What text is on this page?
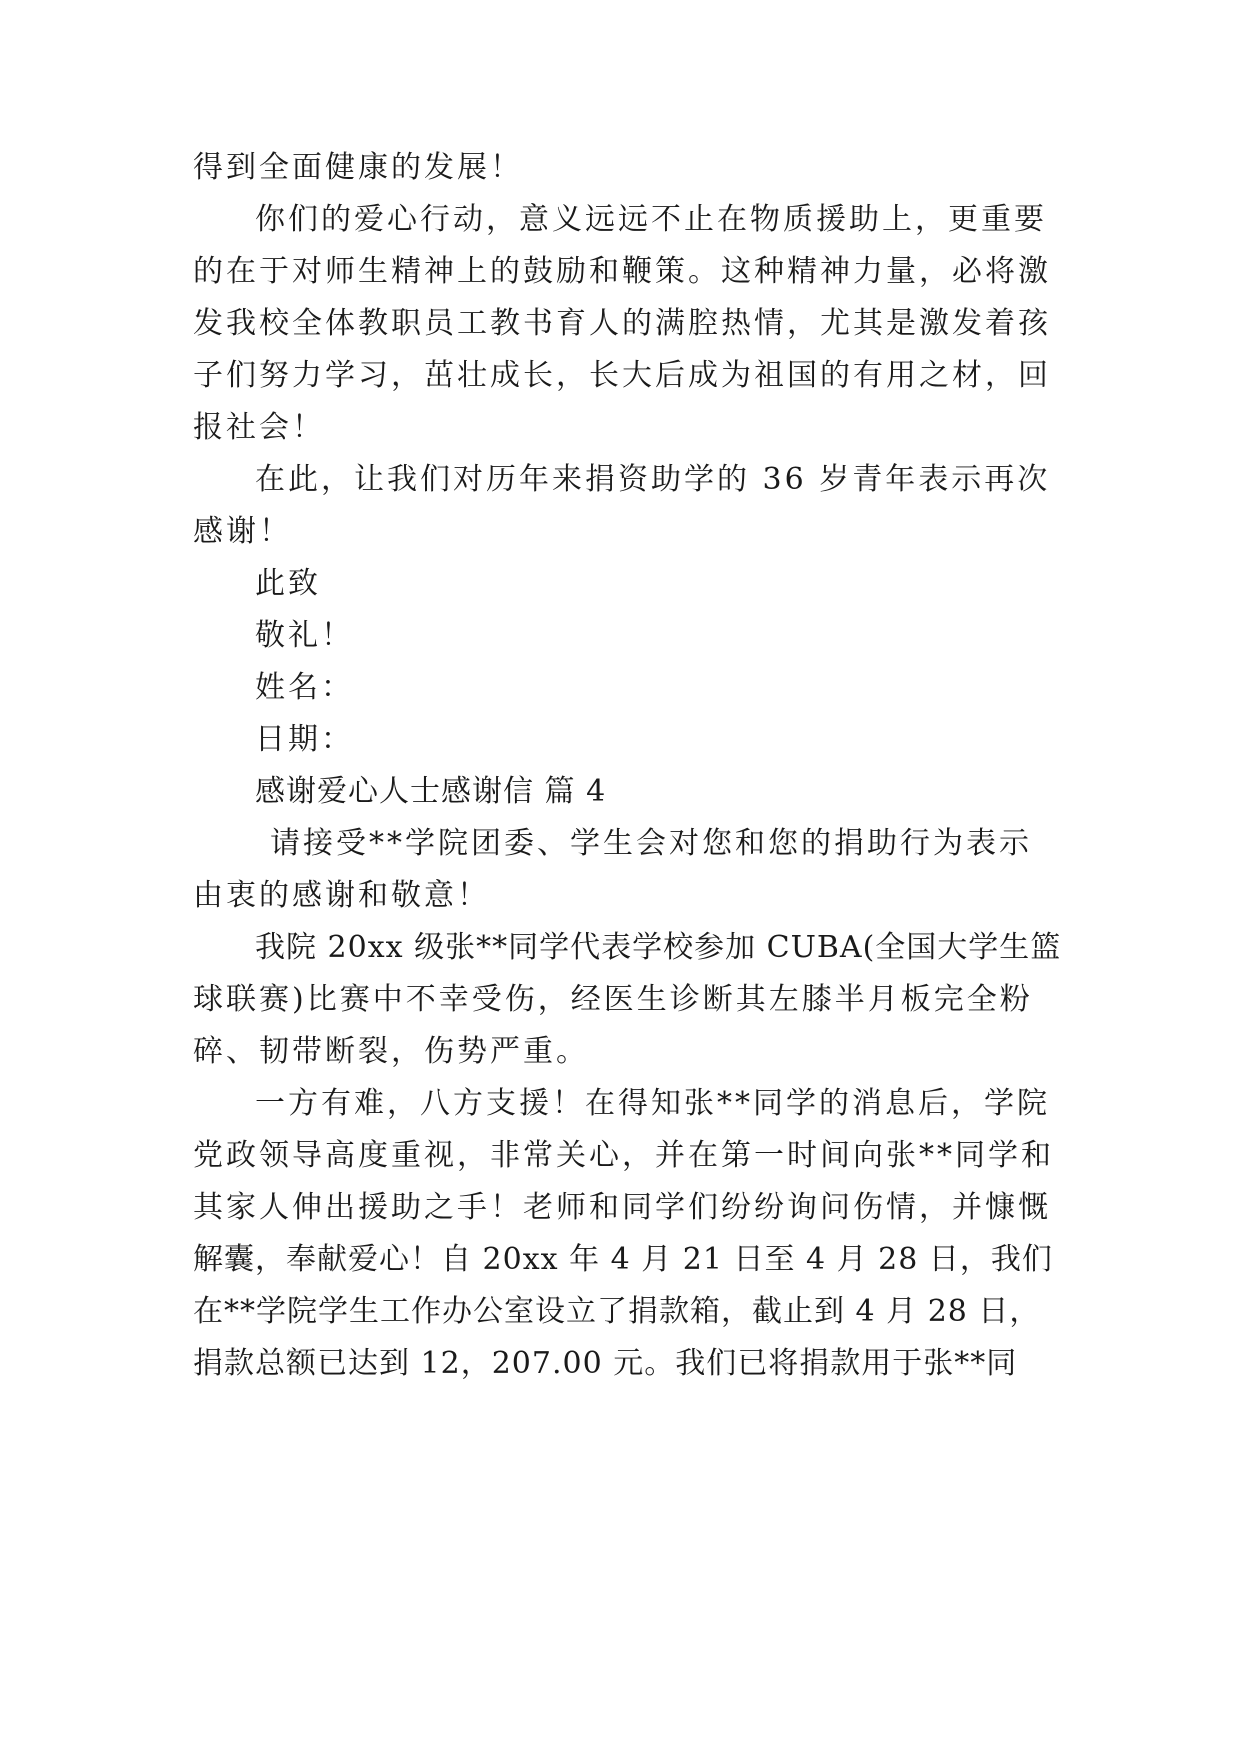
得到全面健康的发展！
你们的爱心行动，意义远远不止在物质援助上，更重要
的在于对师生精神上的鼓励和鞭策。这种精神力量，必将激
发我校全体教职员工教书育人的满腔热情，尤其是激发着孩
子们努力学习，茁壮成长，长大后成为祖国的有用之材，回
报社会！
在此，让我们对历年来捐资助学的 36 岁青年表示再次
感谢！
此致
敬礼！
姓名：
日期：
感谢爱心人士感谢信 篇 4
请接受**学院团委、学生会对您和您的捐助行为表示
由衷的感谢和敬意！
我院 20xx 级张**同学代表学校参加 CUBA(全国大学生篮
球联赛)比赛中不幸受伤，经医生诊断其左膝半月板完全粉
碎、韧带断裂，伤势严重。
一方有难，八方支援！在得知张**同学的消息后，学院
党政领导高度重视，非常关心，并在第一时间向张**同学和
其家人伸出援助之手！老师和同学们纷纷询问伤情，并慷慨
解囊，奉献爱心！自 20xx 年 4 月 21 日至 4 月 28 日，我们
在**学院学生工作办公室设立了捐款箱，截止到 4 月 28 日，
捐款总额已达到 12，207.00 元。我们已将捐款用于张**同
